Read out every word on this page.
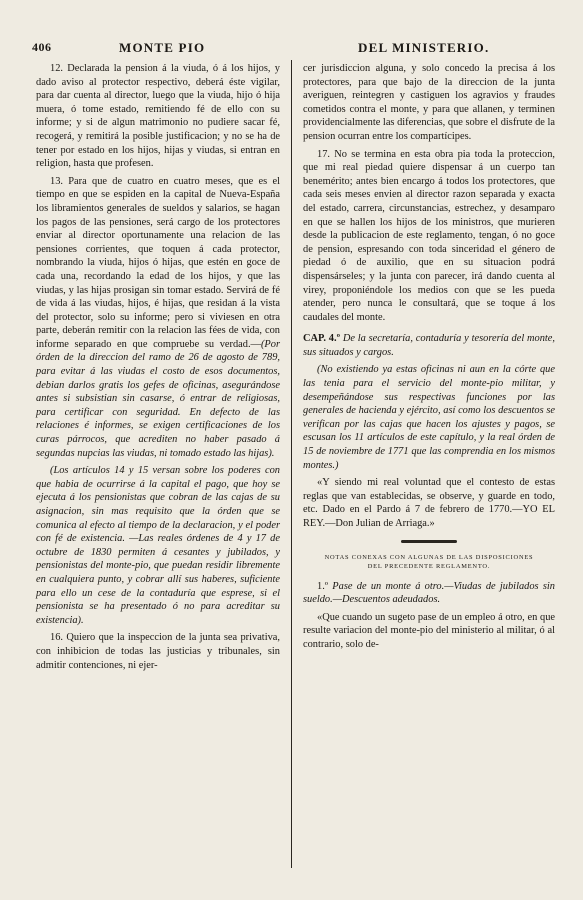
406	MONTE PIO	DEL MINISTERIO.

12. Declarada la pension á la viuda, ó á los hijos, y dado aviso al protector respectivo, deberá éste vigilar, para dar cuenta al director, luego que la viuda, hijo ó hija muera, ó tome estado, remitiendo fé de ello con su informe; y si de algun matrimonio no pudiere sacar fé, recogerá, y remitirá la posible justificacion; y no se ha de tener por estado en los hijos, hijas y viudas, si entran en religion, hasta que profesen.

13. Para que de cuatro en cuatro meses, que es el tiempo en que se espiden en la capital de Nueva-España los libramientos generales de sueldos y salarios, se hagan los pagos de las pensiones, será cargo de los protectores enviar al director oportunamente una relacion de las pensiones corrientes, que toquen á cada protector, nombrando la viuda, hijos ó hijas, que estén en goce de cada una, recordando la edad de los hijos, y que las viudas, y las hijas prosigan sin tomar estado. Servirá de fé de vida á las viudas, hijos, é hijas, que residan á la vista del protector, solo su informe; pero si viviesen en otra parte, deberán remitir con la relacion las fées de vida, con informe separado en que compruebe su verdad.—(Por órden de la direccion del ramo de 26 de agosto de 789, para evitar á las viudas el costo de esos documentos, debian darlos gratis los gefes de oficinas, asegurándose antes si subsistian sin casarse, ó entrar de religiosas, para certificar con seguridad. En defecto de las relaciones é informes, se exigen certificaciones de los curas párrocos, que acrediten no haber pasado á segundas nupcias las viudas, ni tomado estado las hijas).

(Los artículos 14 y 15 versan sobre los poderes con que habia de ocurrirse á la capital el pago, que hoy se ejecuta á los pensionistas que cobran de las cajas de su asignacion, sin mas requisito que la órden que se comunica al efecto al tiempo de la declaracion, y el poder con fé de existencia. —Las reales órdenes de 4 y 17 de octubre de 1830 permiten á cesantes y jubilados, y pensionistas del monte-pio, que puedan residir libremente en cualquiera punto, y cobrar allí sus haberes, suficiente para ello un cese de la contaduría que esprese, si el pensionista se ha presentado ó no para acreditar su existencia).

16. Quiero que la inspeccion de la junta sea privativa, con inhibicion de todas las justicias y tribunales, sin admitir contenciones, ni ejer-

cer jurisdiccion alguna, y solo concedo la precisa á los protectores, para que bajo de la direccion de la junta averiguen, reintegren y castiguen los agravios y fraudes cometidos contra el monte, y para que allanen, y terminen providencialmente las diferencias, que sobre el disfrute de la pension ocurran entre los compartícipes.

17. No se termina en esta obra pia toda la proteccion, que mi real piedad quiere dispensar á un cuerpo tan benemérito; antes bien encargo á todos los protectores, que cada seis meses envien al director razon separada y exacta del estado, carrera, circunstancias, estrechez, y desamparo en que se hallen los hijos de los ministros, que murieren desde la publicacion de este reglamento, tengan, ó no goce de pension, espresando con toda sinceridad el género de piedad ó de auxilio, que en su situacion podrá dispensárseles; y la junta con parecer, irá dando cuenta al virey, proponiéndole los medios con que se les pueda atender, pero nunca le consultará, que se toque á los caudales del monte.

CAP. 4.º De la secretaría, contaduría y tesorería del monte, sus situados y cargos.

(No existiendo ya estas oficinas ni aun en la córte que las tenia para el servicio del monte-pio militar, y desempeñándose sus respectivas funciones por las generales de hacienda y ejército, así como los descuentos se verifican por las cajas que hacen los ajustes y pagos, se escusan los 11 artículos de este capítulo, y la real órden de 15 de noviembre de 1771 que las comprendia en los mismos montes.)

«Y siendo mi real voluntad que el contesto de estas reglas que van establecidas, se observe, y guarde en todo, etc. Dado en el Pardo á 7 de febrero de 1770.—YO EL REY.—Don Julian de Arriaga.»

NOTAS CONEXAS CON ALGUNAS DE LAS DISPOSICIONES
DEL PRECEDENTE REGLAMENTO.

1.º Pase de un monte á otro.—Viudas de jubilados sin sueldo.—Descuentos adeudados.

«Que cuando un sugeto pase de un empleo á otro, en que resulte variacion del monte-pio del ministerio al militar, ó al contrario, solo de-
